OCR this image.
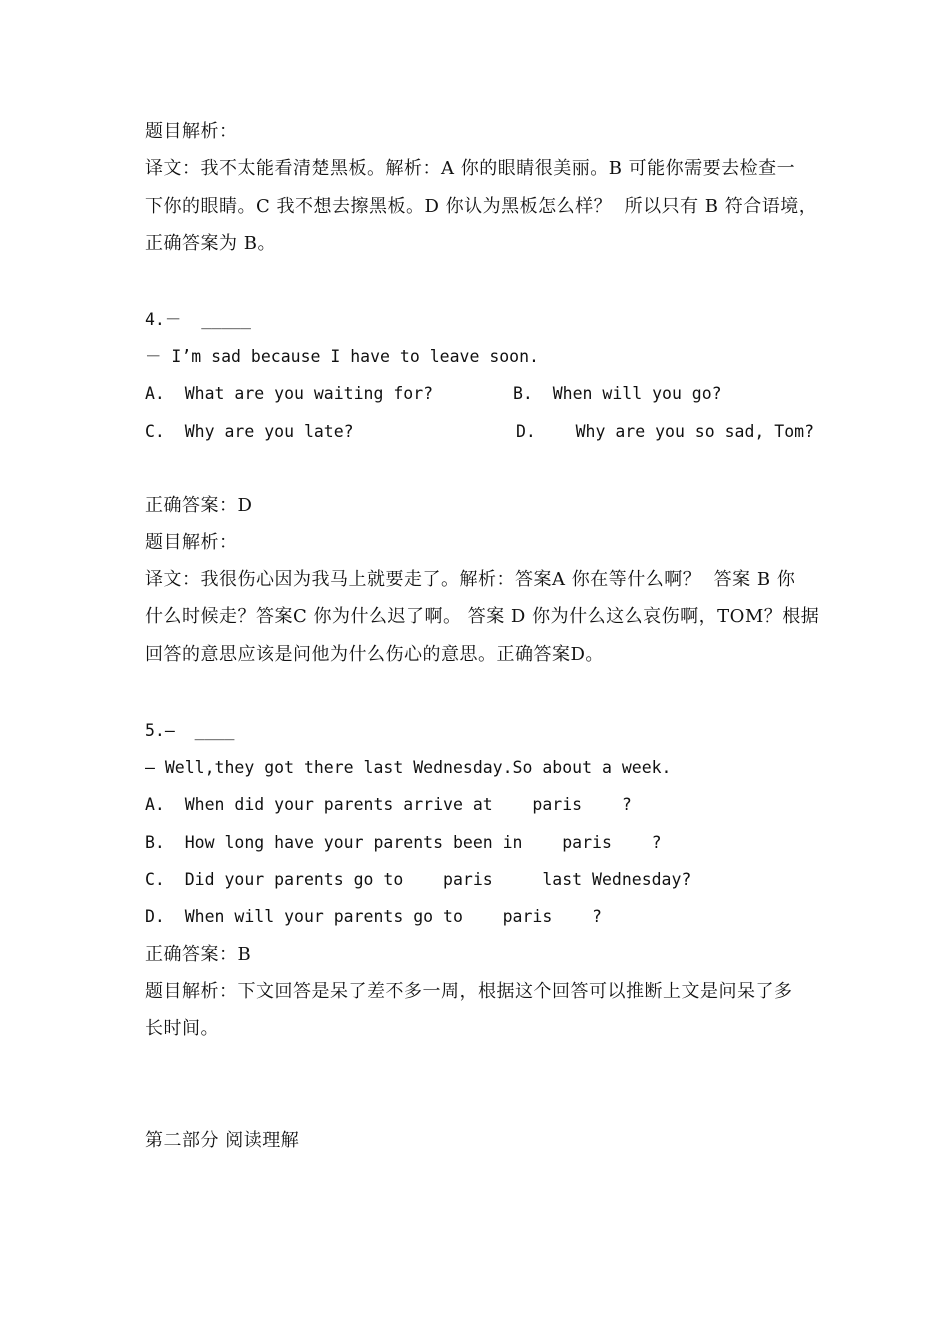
题目解析：
译文：我不太能看清楚黑板。解析：A 你的眼睛很美丽。B 可能你需要去检查一
下你的眼睛。C 我不想去擦黑板。D 你认为黑板怎么样？  所以只有 B 符合语境，
正确答案为 B。
4.－  _____
－ I’m sad because I have to leave soon.
A.  What are you waiting for?	B.  When will you go?
C.  Why are you late?	D.    Why are you so sad, Tom?
正确答案：D
题目解析：
译文：我很伤心因为我马上就要走了。解析：答案A 你在等什么啊？  答案 B 你
什么时候走？答案C 你为什么迟了啊。 答案 D 你为什么这么哀伤啊，TOM？根据
回答的意思应该是问他为什么伤心的意思。正确答案D。
5.—  ____
— Well,they got there last Wednesday.So about a week.
A.  When did your parents arrive at    paris    ?
B.  How long have your parents been in    paris    ?
C.  Did your parents go to    paris     last Wednesday?
D.  When will your parents go to    paris    ?
正确答案：B
题目解析：下文回答是呆了差不多一周，根据这个回答可以推断上文是问呆了多
长时间。
第二部分 阅读理解
